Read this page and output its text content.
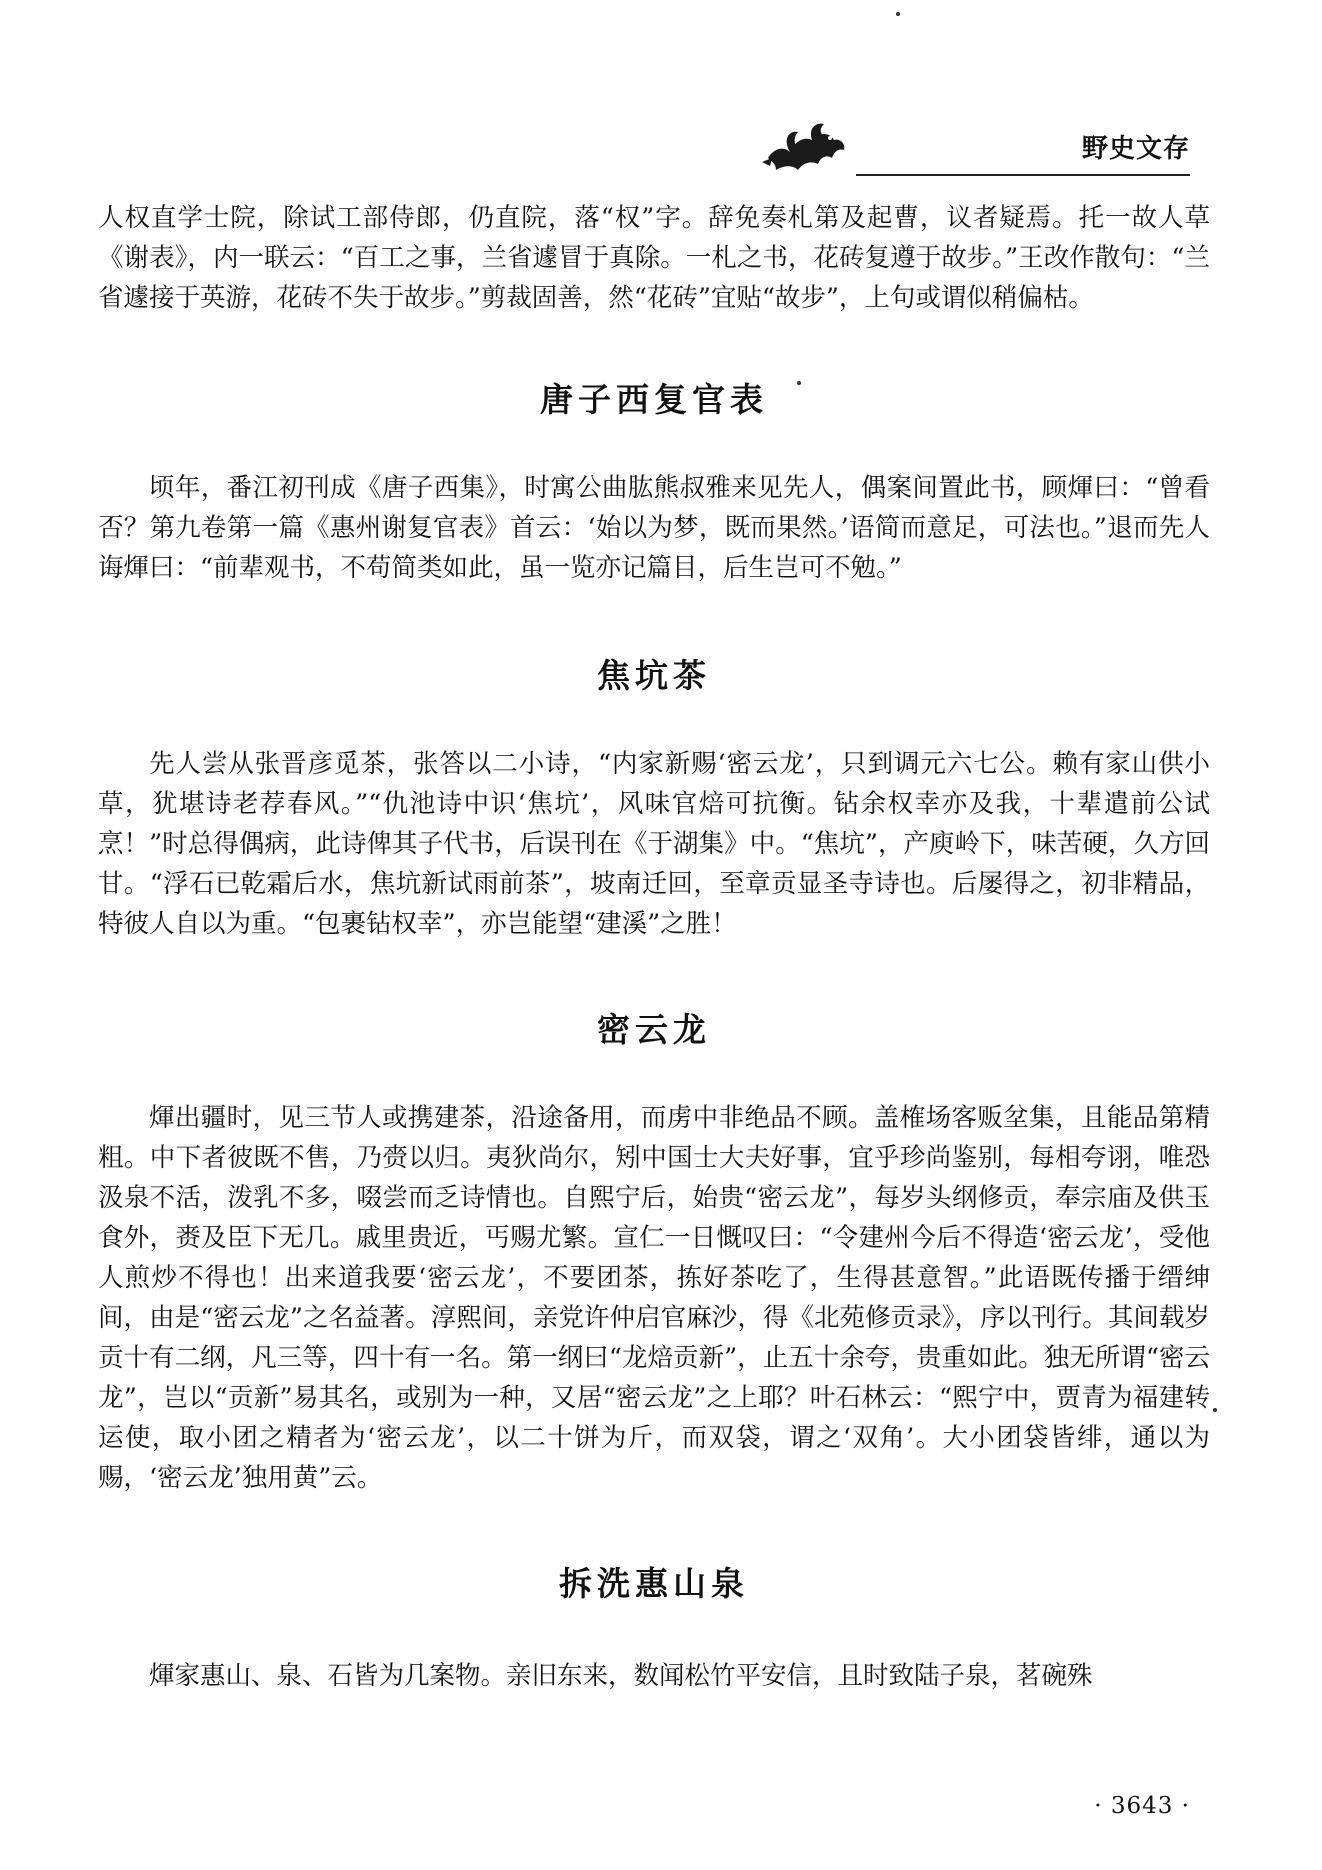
野史文存

人权直学士院，除试工部侍郎，仍直院，落“权”字。辞免奏札第及起曹，议者疑焉。托一故人草《谢表》，内一联云：“百工之事，兰省遽冒于真除。一札之书，花砖复遵于故步。”王改作散句：“兰省遽接于英游，花砖不失于故步。”剪裁固善，然“花砖”宜贴“故步”，上句或谓似稍偏枯。

唐子西复官表

顷年，番江初刊成《唐子西集》，时寓公曲肱熊叔雅来见先人，偶案间置此书，顾煇曰：“曾看否？第九卷第一篇《惠州谢复官表》首云：‘始以为梦，既而果然。’语简而意足，可法也。”退而先人诲煇曰：“前辈观书，不苟简类如此，虽一览亦记篇目，后生岂可不勉。”

焦坑茶

先人尝从张晋彦觅茶，张答以二小诗，“内家新赐‘密云龙’，只到调元六七公。赖有家山供小草，犹堪诗老荐春风。”“仇池诗中识‘焦坑’，风味官焙可抗衡。钻余权幸亦及我，十辈遣前公试烹！”时总得偶病，此诗俾其子代书，后误刊在《于湖集》中。“焦坑”，产庾岭下，味苦硬，久方回甘。“浮石已乾霜后水，焦坑新试雨前茶”，坡南迁回，至章贡显圣寺诗也。后屡得之，初非精品，特彼人自以为重。“包裹钻权幸”，亦岂能望“建溪”之胜！

密云龙

煇出疆时，见三节人或携建茶，沿途备用，而虏中非绝品不顾。盖榷场客贩坌集，且能品第精粗。中下者彼既不售，乃赍以归。夷狄尚尔，矧中国士大夫好事，宜乎珍尚鉴别，每相夸诩，唯恐汲泉不活，泼乳不多，啜尝而乏诗情也。自熙宁后，始贵“密云龙”，每岁头纲修贡，奉宗庙及供玉食外，赉及臣下无几。戚里贵近，丐赐尤繁。宣仁一日慨叹曰：“令建州今后不得造‘密云龙’，受他人煎炒不得也！出来道我要‘密云龙’，不要团茶，拣好茶吃了，生得甚意智。”此语既传播于缙绅间，由是“密云龙”之名益著。淳熙间，亲党许仲启官麻沙，得《北苑修贡录》，序以刊行。其间载岁贡十有二纲，凡三等，四十有一名。第一纲曰“龙焙贡新”，止五十余夸，贵重如此。独无所谓“密云龙”，岂以“贡新”易其名，或别为一种，又居“密云龙”之上耶？叶石林云：“熙宁中，贾青为福建转运使，取小团之精者为‘密云龙’，以二十饼为斤，而双袋，谓之‘双角’。大小团袋皆绯，通以为赐，‘密云龙’独用黄”云。

拆洗惠山泉

煇家惠山、泉、石皆为几案物。亲旧东来，数闻松竹平安信，且时致陆子泉，茗碗殊

· 3643 ·
